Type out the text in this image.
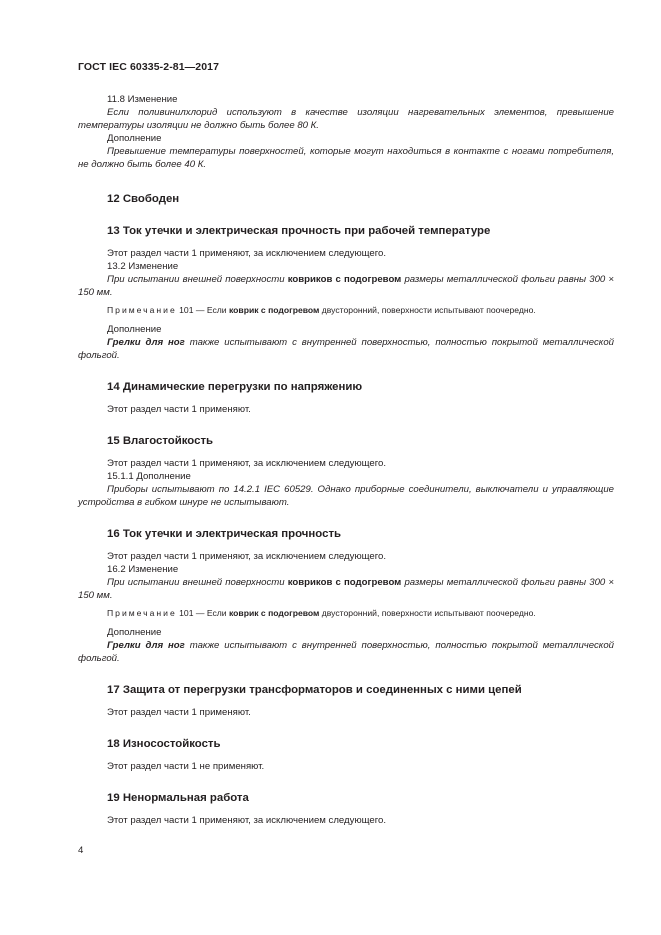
ГОСТ IEC 60335-2-81—2017

11.8 Изменение

Если поливинилхлорид используют в качестве изоляции нагревательных элементов, превышение температуры изоляции не должно быть более 80 К.

Дополнение

Превышение температуры поверхностей, которые могут находиться в контакте с ногами потребителя, не должно быть более 40 К.

12 Свободен
13 Ток утечки и электрическая прочность при рабочей температуре

Этот раздел части 1 применяют, за исключением следующего.

13.2 Изменение

При испытании внешней поверхности ковриков с подогревом размеры металлической фольги равны 300 × 150 мм.

Примечание 101 — Если коврик с подогревом двусторонний, поверхности испытывают поочередно.

Дополнение

Грелки для ног также испытывают с внутренней поверхностью, полностью покрытой металлической фольгой.

14 Динамические перегрузки по напряжению

Этот раздел части 1 применяют.

15 Влагостойкость

Этот раздел части 1 применяют, за исключением следующего.

15.1.1 Дополнение

Приборы испытывают по 14.2.1 IEC 60529. Однако приборные соединители, выключатели и управляющие устройства в гибком шнуре не испытывают.

16 Ток утечки и электрическая прочность

Этот раздел части 1 применяют, за исключением следующего.

16.2 Изменение

При испытании внешней поверхности ковриков с подогревом размеры металлической фольги равны 300 × 150 мм.

Примечание 101 — Если коврик с подогревом двусторонний, поверхности испытывают поочередно.

Дополнение

Грелки для ног также испытывают с внутренней поверхностью, полностью покрытой металлической фольгой.

17 Защита от перегрузки трансформаторов и соединенных с ними цепей

Этот раздел части 1 применяют.

18 Износостойкость

Этот раздел части 1 не применяют.

19 Ненормальная работа

Этот раздел части 1 применяют, за исключением следующего.

4
